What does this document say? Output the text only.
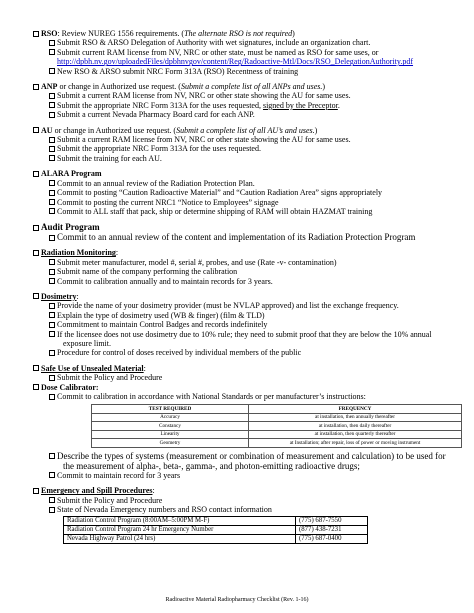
RSO: Review NUREG 1556 requirements. (The alternate RSO is not required)
Submit RSO & ARSO Delegation of Authority with wet signatures, include an organization chart.
Submit current RAM license from NV, NRC or other state, must be named as RSO for same uses, or
http://dpbh.nv.gov/uploadedFiles/dpbhnvgov/content/Reg/Radoactive-Mtl/Docs/RSO_DelegationAuthority.pdf
New RSO & ARSO submit NRC Form 313A (RSO) Recentness of training
ANP or change in Authorized use request. (Submit a complete list of all ANPs and uses.)
Submit a current RAM license from NV, NRC or other state showing the AU for same uses.
Submit the appropriate NRC Form 313A for the uses requested, signed by the Preceptor.
Submit a current Nevada Pharmacy Board card for each ANP.
AU or change in Authorized use request. (Submit a complete list of all AU’s and uses.)
Submit a current RAM license from NV, NRC or other state showing the AU for same uses.
Submit the appropriate NRC Form 313A for the uses requested.
Submit the training for each AU.
ALARA Program
Commit to an annual review of the Radiation Protection Plan.
Commit to posting “Caution Radioactive Material” and “Caution Radiation Area” signs appropriately
Commit to posting the current NRC1 “Notice to Employees” signage
Commit to ALL staff that pack, ship or determine shipping of RAM will obtain HAZMAT training
Audit Program
Commit to an annual review of the content and implementation of its Radiation Protection Program
Radiation Monitoring:
Submit meter manufacturer, model #, serial #, probes, and use (Rate -v- contamination)
Submit name of the company performing the calibration
Commit to calibration annually and to maintain records for 3 years.
Dosimetry:
Provide the name of your dosimetry provider (must be NVLAP approved) and list the exchange frequency.
Explain the type of dosimetry used (WB & finger) (film & TLD)
Commitment to maintain Control Badges and records indefinitely
If the licensee does not use dosimetry due to 10% rule; they need to submit proof that they are below the 10% annual exposure limit.
Procedure for control of doses received by individual members of the public
Safe Use of Unsealed Material:
Submit the Policy and Procedure
Dose Calibrator:
Commit to calibration in accordance with National Standards or per manufacturer’s instructions:
TEST REQUIRED	FREQUENCY
Accuracy	at installation, then annually thereafter
Constancy	at installation, then daily thereafter
Linearity	at installation, then quarterly thereafter
Geometry	at Installation; after repair, loss of power or moving instrument
Describe the types of systems (measurement or combination of measurement and calculation) to be used for the measurement of alpha-, beta-, gamma-, and photon-emitting radioactive drugs;
Commit to maintain record for 3 years
Emergency and Spill Procedures:
Submit the Policy and Procedure
State of Nevada Emergency numbers and RSO contact information
Radiation Control Program (8:00AM–5:00PM M-F)	(775) 687-7550
Radiation Control Program 24 hr Emergency Number	(877) 438-7231
Nevada Highway Patrol (24 hrs)	(775) 687-0400
Radioactive Material Radiopharmacy Checklist (Rev. 1-16)
